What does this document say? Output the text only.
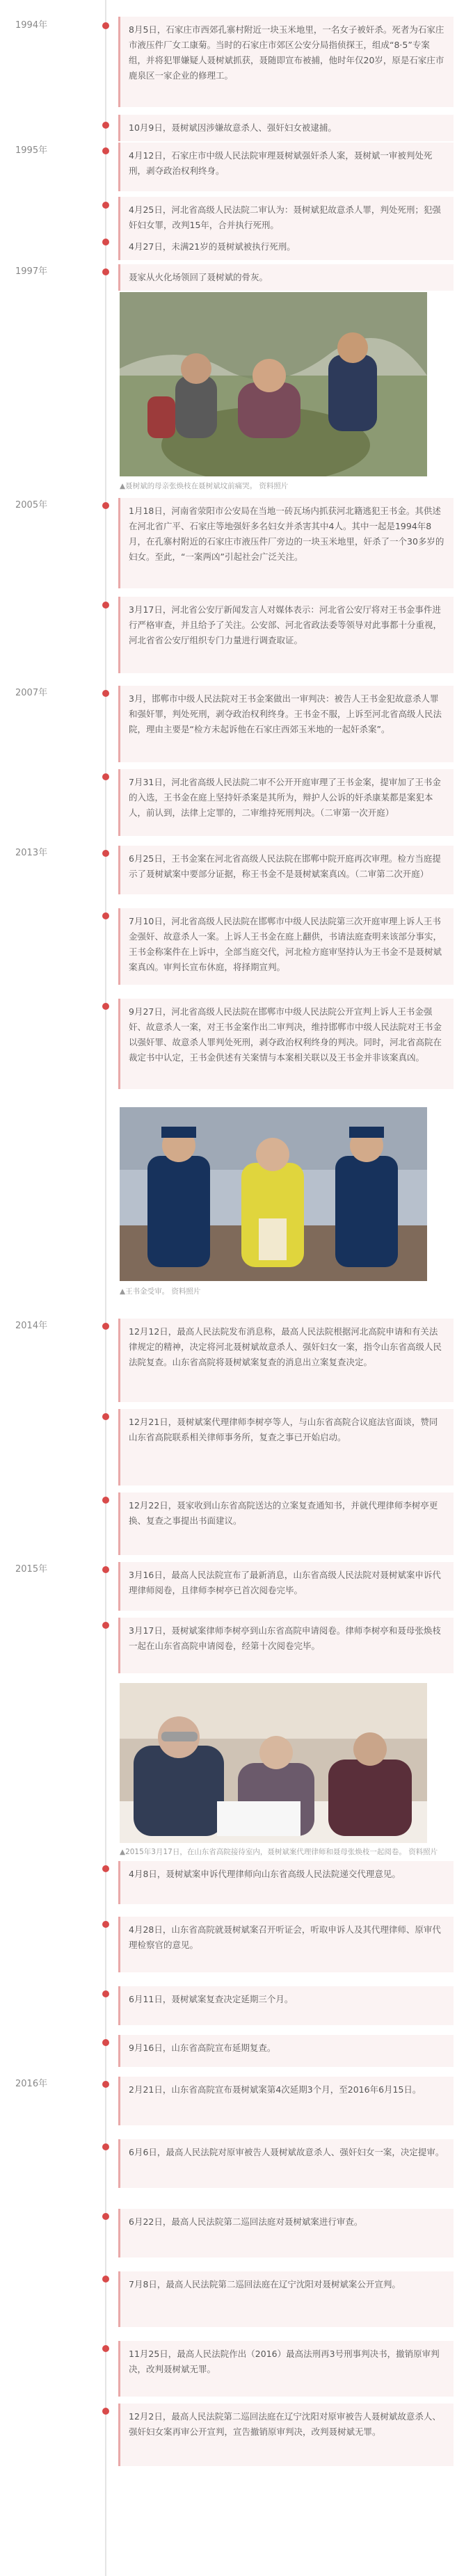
1994年
1995年
1997年
2005年
2007年
2013年
2014年
2015年
2016年
8月5日，石家庄市西郊孔寨村附近一块玉米地里，一名女子被奸杀。死者为石家庄市液压件厂女工康菊。当时的石家庄市郊区公安分局指侦探王，组成“8·5”专案组，并将犯罪嫌疑人聂树斌抓获，聂随即宣布被捕，他时年仅20岁，原是石家庄市鹿泉区一家企业的修理工。
10月9日，聂树斌因涉嫌故意杀人、强奸妇女被逮捕。
4月12日，石家庄市中级人民法院审理聂树斌强奸杀人案，聂树斌一审被判处死刑，剥夺政治权利终身。
4月25日，河北省高级人民法院二审认为：聂树斌犯故意杀人罪，判处死刑；犯强奸妇女罪，改判15年，合并执行死刑。
4月27日，未满21岁的聂树斌被执行死刑。
聂家从火化场领回了聂树斌的骨灰。
▲聂树斌的母亲张焕枝在聂树斌坟前痛哭。 资料照片
1月18日，河南省荥阳市公安局在当地一砖瓦场内抓获河北籍逃犯王书金。其供述在河北省广平、石家庄等地强奸多名妇女并杀害其中4人。其中一起是1994年8月，在孔寨村附近的石家庄市液压件厂旁边的一块玉米地里，奸杀了一个30多岁的妇女。至此，“一案两凶”引起社会广泛关注。
3月17日，河北省公安厅新闻发言人对媒体表示：河北省公安厅将对王书金事件进行严格审查，并且给予了关注。公安部、河北省政法委等领导对此事都十分重视，河北省省公安厅组织专门力量进行调查取证。
3月，邯郸市中级人民法院对王书金案做出一审判决：被告人王书金犯故意杀人罪和强奸罪，判处死刑，剥夺政治权利终身。王书金不服，上诉至河北省高级人民法院，理由主要是“检方未起诉他在石家庄西郊玉米地的一起奸杀案”。
7月31日，河北省高级人民法院二审不公开开庭审理了王书金案，提审加了王书金的入选，王书金在庭上坚持奸杀案是其所为，辩护人公诉的奸杀康某都是案犯本人，前认到，法律上定罪的，二审维持死刑判决。（二审第一次开庭）
6月25日，王书金案在河北省高级人民法院在邯郸中院开庭再次审理。检方当庭提示了聂树斌案中要部分证据，称王书金不是聂树斌案真凶。（二审第二次开庭）
7月10日，河北省高级人民法院在邯郸市中级人民法院第三次开庭审理上诉人王书金强奸、故意杀人一案。上诉人王书金在庭上翻供，书请法庭查明来该部分事实，王书金称案件在上诉中，全部当庭交代，河北检方庭审坚持认为王书金不是聂树斌案真凶。审判长宣布休庭，将择期宣判。
9月27日，河北省高级人民法院在邯郸市中级人民法院公开宣判上诉人王书金强奸、故意杀人一案，对王书金案作出二审判决，维持邯郸市中级人民法院对王书金以强奸罪、故意杀人罪判处死刑，剥夺政治权利终身的判决。同时，河北省高院在裁定书中认定，王书金供述有关案情与本案相关联以及王书金并非该案真凶。
▲王书金受审。 资料照片
12月12日，最高人民法院发布消息称，最高人民法院根据河北高院申请和有关法律规定的精神，决定将河北聂树斌故意杀人、强奸妇女一案，指令山东省高级人民法院复查。山东省高院将聂树斌案复查的消息出立案复查决定。
12月21日，聂树斌案代理律师李树亭等人，与山东省高院合议庭法官面谈，赞同山东省高院联系相关律师事务所，复查之事已开始启动。
12月22日，聂家收到山东省高院送达的立案复查通知书，并就代理律师李树亭更换、复查之事提出书面建议。
3月16日，最高人民法院宣布了最新消息，山东省高级人民法院对聂树斌案申诉代理律师阅卷，且律师李树亭已首次阅卷完毕。
3月17日，聂树斌案律师李树亭到山东省高院申请阅卷。律师李树亭和聂母张焕枝一起在山东省高院申请阅卷，经第十次阅卷完毕。
▲2015年3月17日，在山东省高院接待室内，聂树斌案代理律师和聂母张焕枝一起阅卷。 资料照片
4月8日，聂树斌案申诉代理律师向山东省高级人民法院递交代理意见。
4月28日，山东省高院就聂树斌案召开听证会，听取申诉人及其代理律师、原审代理检察官的意见。
6月11日，聂树斌案复查决定延期三个月。
9月16日，山东省高院宣布延期复查。
2月21日，山东省高院宣布聂树斌案第4次延期3个月，至2016年6月15日。
6月6日，最高人民法院对原审被告人聂树斌故意杀人、强奸妇女一案，决定提审。
6月22日，最高人民法院第二巡回法庭对聂树斌案进行审查。
7月8日，最高人民法院第二巡回法庭在辽宁沈阳对聂树斌案公开宣判。
11月25日，最高人民法院作出（2016）最高法刑再3号刑事判决书，撤销原审判决，改判聂树斌无罪。
12月2日，最高人民法院第二巡回法庭在辽宁沈阳对原审被告人聂树斌故意杀人、强奸妇女案再审公开宣判，宣告撤销原审判决，改判聂树斌无罪。
